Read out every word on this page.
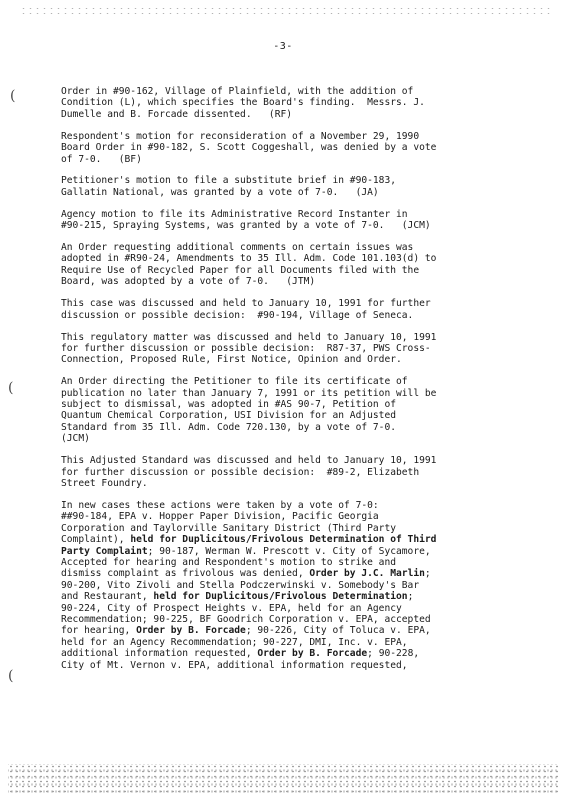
-3-
(
(
(

Order in #90-162, Village of Plainfield, with the addition of
Condition (L), which specifies the Board's finding.  Messrs. J.
Dumelle and B. Forcade dissented.   (RF)

Respondent's motion for reconsideration of a November 29, 1990
Board Order in #90-182, S. Scott Coggeshall, was denied by a vote
of 7-0.   (BF)

Petitioner's motion to file a substitute brief in #90-183,
Gallatin National, was granted by a vote of 7-0.   (JA)

Agency motion to file its Administrative Record Instanter in
#90-215, Spraying Systems, was granted by a vote of 7-0.   (JCM)

An Order requesting additional comments on certain issues was
adopted in #R90-24, Amendments to 35 Ill. Adm. Code 101.103(d) to
Require Use of Recycled Paper for all Documents filed with the
Board, was adopted by a vote of 7-0.   (JTM)

This case was discussed and held to January 10, 1991 for further
discussion or possible decision:  #90-194, Village of Seneca.

This regulatory matter was discussed and held to January 10, 1991
for further discussion or possible decision:  R87-37, PWS Cross-
Connection, Proposed Rule, First Notice, Opinion and Order.

An Order directing the Petitioner to file its certificate of
publication no later than January 7, 1991 or its petition will be
subject to dismissal, was adopted in #AS 90-7, Petition of
Quantum Chemical Corporation, USI Division for an Adjusted
Standard from 35 Ill. Adm. Code 720.130, by a vote of 7-0.
(JCM)

This Adjusted Standard was discussed and held to January 10, 1991
for further discussion or possible decision:  #89-2, Elizabeth
Street Foundry.

In new cases these actions were taken by a vote of 7-0:
##90-184, EPA v. Hopper Paper Division, Pacific Georgia
Corporation and Taylorville Sanitary District (Third Party
Complaint), held for Duplicitous/Frivolous Determination of Third
Party Complaint; 90-187, Werman W. Prescott v. City of Sycamore,
Accepted for hearing and Respondent's motion to strike and
dismiss complaint as frivolous was denied, Order by J.C. Marlin;
90-200, Vito Zivoli and Stella Podczerwinski v. Somebody's Bar
and Restaurant, held for Duplicitous/Frivolous Determination;
90-224, City of Prospect Heights v. EPA, held for an Agency
Recommendation; 90-225, BF Goodrich Corporation v. EPA, accepted
for hearing, Order by B. Forcade; 90-226, City of Toluca v. EPA,
held for an Agency Recommendation; 90-227, DMI, Inc. v. EPA,
additional information requested, Order by B. Forcade; 90-228,
City of Mt. Vernon v. EPA, additional information requested,
